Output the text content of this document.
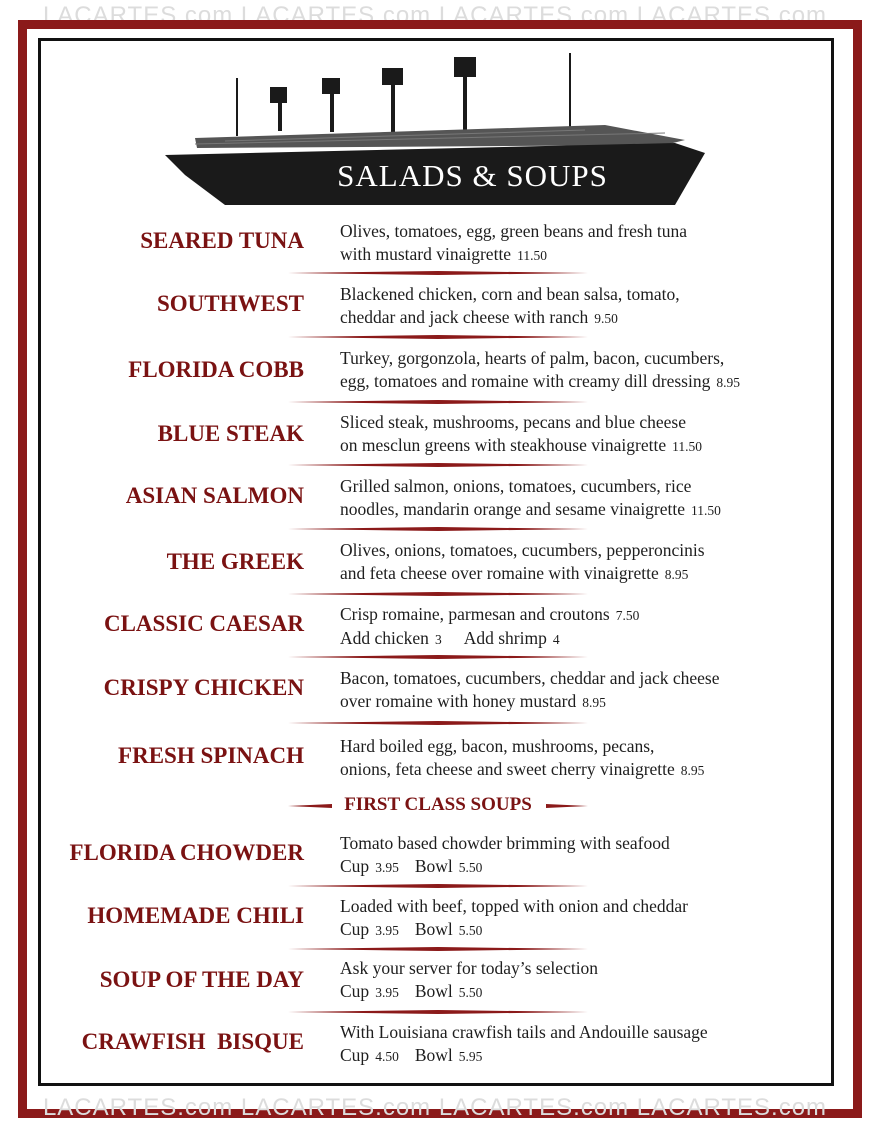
LACARTES.com LACARTES.com LACARTES.com LACARTES.com
SALADS & SOUPS
SEARED TUNA Olives, tomatoes, egg, green beans and fresh tuna
with mustard vinaigrette 11.50
SOUTHWEST Blackened chicken, corn and bean salsa, tomato,
cheddar and jack cheese with ranch 9.50
FLORIDA COBB Turkey, gorgonzola, hearts of palm, bacon, cucumbers,
egg, tomatoes and romaine with creamy dill dressing 8.95
BLUE STEAK Sliced steak, mushrooms, pecans and blue cheese
on mesclun greens with steakhouse vinaigrette 11.50
ASIAN SALMON Grilled salmon, onions, tomatoes, cucumbers, rice
noodles, mandarin orange and sesame vinaigrette 11.50
THE GREEK Olives, onions, tomatoes, cucumbers, pepperoncinis
and feta cheese over romaine with vinaigrette 8.95
CLASSIC CAESAR Crisp romaine, parmesan and croutons 7.50
Add chicken 3 Add shrimp 4
CRISPY CHICKEN Bacon, tomatoes, cucumbers, cheddar and jack cheese
over romaine with honey mustard 8.95
FRESH SPINACH Hard boiled egg, bacon, mushrooms, pecans,
onions, feta cheese and sweet cherry vinaigrette 8.95
FIRST CLASS SOUPS
FLORIDA CHOWDER Tomato based chowder brimming with seafood
Cup 3.95 Bowl 5.50
HOMEMADE CHILI Loaded with beef, topped with onion and cheddar
Cup 3.95 Bowl 5.50
SOUP OF THE DAY Ask your server for today’s selection
Cup 3.95 Bowl 5.50
CRAWFISH  BISQUE With Louisiana crawfish tails and Andouille sausage
Cup 4.50 Bowl 5.95
LACARTES.com LACARTES.com LACARTES.com LACARTES.com
